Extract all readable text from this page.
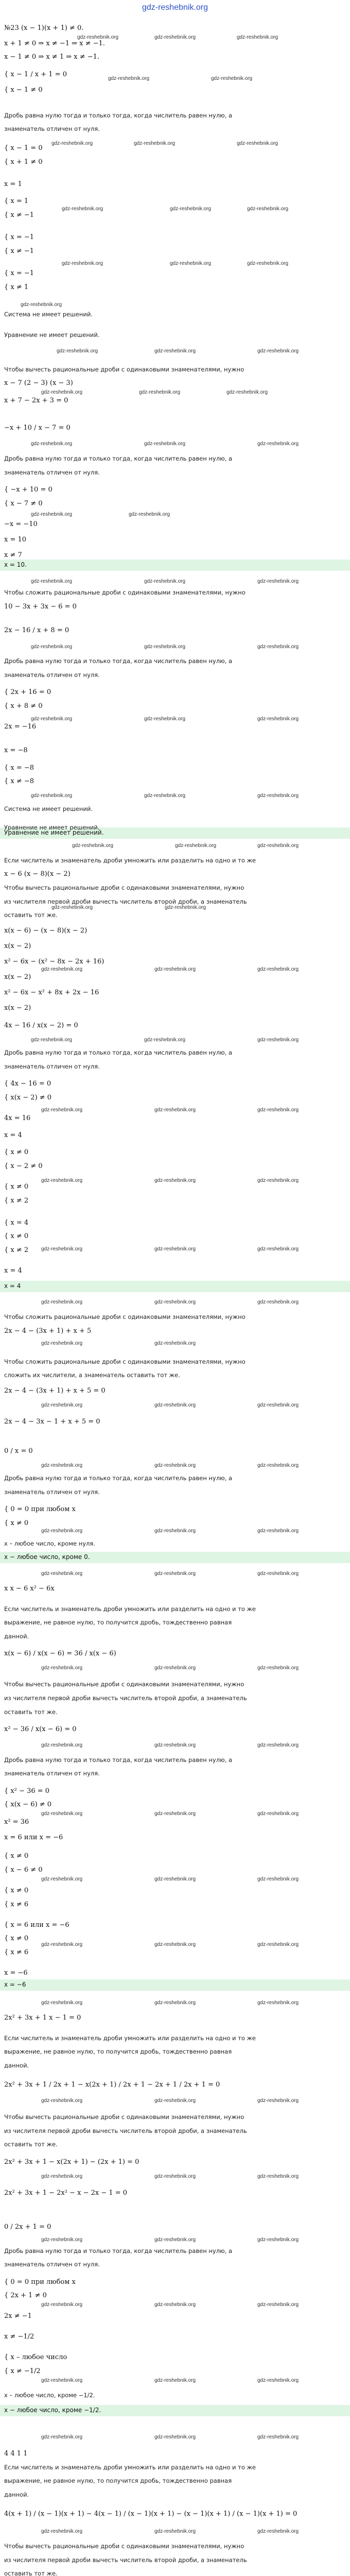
gdz-reshebnik.org
x = 10.
Уравнение не имеет решений.
x = 4
x − любое число, кроме 0.
x = −6
x − любое число, кроме −1/2.
№23 (x − 1)(x + 1) ≠ 0.
x + 1 ≠ 0 ⇒ x ≠ −1 ⇒ x ≠ −1.
x − 1 ≠ 0 ⇒ x ≠ 1 ⇒ x ≠ −1.
{ x − 1 / x + 1 = 0
{ x − 1 ≠ 0
Дробь равна нулю тогда и только тогда, когда числитель равен нулю, а
знаменатель отличен от нуля.
{ x − 1 = 0
{ x + 1 ≠ 0
x = 1
{ x = 1
{ x ≠ −1
{ x = −1
{ x ≠ −1
{ x = −1
{ x ≠ 1
Система не имеет решений.
Уравнение не имеет решений.
Чтобы вычесть рациональные дроби с одинаковыми знаменателями, нужно
x − 7 (2 − 3) (x − 3)
x + 7 − 2x + 3 = 0
−x + 10 / x − 7 = 0
Дробь равна нулю тогда и только тогда, когда числитель равен нулю, а
знаменатель отличен от нуля.
{ −x + 10 = 0
{ x − 7 ≠ 0
−x = −10
x = 10
x ≠ 7
Чтобы сложить рациональные дроби с одинаковыми знаменателями, нужно
10 − 3x + 3x − 6 = 0
2x − 16 / x + 8 = 0
Дробь равна нулю тогда и только тогда, когда числитель равен нулю, а
знаменатель отличен от нуля.
{ 2x + 16 = 0
{ x + 8 ≠ 0
2x = −16
x = −8
{ x = −8
{ x ≠ −8
Система не имеет решений.
Уравнение не имеет решений.
Если числитель и знаменатель дроби умножить или разделить на одно и то же
x − 6 (x − 8)(x − 2)
Чтобы вычесть рациональные дроби с одинаковыми знаменателями, нужно
из числителя первой дроби вычесть числитель второй дроби, а знаменатель
оставить тот же.
x(x − 6) − (x − 8)(x − 2)
x(x − 2)
x² − 6x − (x² − 8x − 2x + 16)
x(x − 2)
x² − 6x − x² + 8x + 2x − 16
x(x − 2)
4x − 16 / x(x − 2) = 0
Дробь равна нулю тогда и только тогда, когда числитель равен нулю, а
знаменатель отличен от нуля.
{ 4x − 16 = 0
{ x(x − 2) ≠ 0
4x = 16
x = 4
{ x ≠ 0
{ x − 2 ≠ 0
{ x ≠ 0
{ x ≠ 2
{ x = 4
{ x ≠ 0
{ x ≠ 2
x = 4
Чтобы сложить рациональные дроби с одинаковыми знаменателями, нужно
2x − 4 − (3x + 1) + x + 5
Чтобы сложить рациональные дроби с одинаковыми знаменателями, нужно
сложить их числители, а знаменатель оставить тот же.
2x − 4 − (3x + 1) + x + 5 = 0
2x − 4 − 3x − 1 + x + 5 = 0
0 / x = 0
Дробь равна нулю тогда и только тогда, когда числитель равен нулю, а
знаменатель отличен от нуля.
{ 0 = 0 при любом x
{ x ≠ 0
x – любое число, кроме нуля.
x x − 6 x² − 6x
Если числитель и знаменатель дроби умножить или разделить на одно и то же
выражение, не равное нулю, то получится дробь, тождественно равная
данной.
x(x − 6) / x(x − 6) = 36 / x(x − 6)
Чтобы вычесть рациональные дроби с одинаковыми знаменателями, нужно
из числителя первой дроби вычесть числитель второй дроби, а знаменатель
оставить тот же.
x² − 36 / x(x − 6) = 0
Дробь равна нулю тогда и только тогда, когда числитель равен нулю, а
знаменатель отличен от нуля.
{ x² − 36 = 0
{ x(x − 6) ≠ 0
x² = 36
x = 6 или x = −6
{ x ≠ 0
{ x − 6 ≠ 0
{ x ≠ 0
{ x ≠ 6
{ x = 6 или x = −6
{ x ≠ 0
{ x ≠ 6
x = −6
2x² + 3x + 1 x − 1 = 0
Если числитель и знаменатель дроби умножить или разделить на одно и то же
выражение, не равное нулю, то получится дробь, тождественно равная
данной.
2x² + 3x + 1 / 2x + 1 − x(2x + 1) / 2x + 1 − 2x + 1 / 2x + 1 = 0
Чтобы вычесть рациональные дроби с одинаковыми знаменателями, нужно
из числителя первой дроби вычесть числитель второй дроби, а знаменатель
оставить тот же.
2x² + 3x + 1 − x(2x + 1) − (2x + 1) = 0
2x² + 3x + 1 − 2x² − x − 2x − 1 = 0
0 / 2x + 1 = 0
Дробь равна нулю тогда и только тогда, когда числитель равен нулю, а
знаменатель отличен от нуля.
{ 0 = 0 при любом x
{ 2x + 1 ≠ 0
2x ≠ −1
x ≠ −1/2
{ x – любое число
{ x ≠ −1/2
x – любое число, кроме −1/2.
4 4 1 1
Если числитель и знаменатель дроби умножить или разделить на одно и то же
выражение, не равное нулю, то получится дробь, тождественно равная
данной.
4(x + 1) / (x − 1)(x + 1) − 4(x − 1) / (x − 1)(x + 1) − (x − 1)(x + 1) / (x − 1)(x + 1) = 0
Чтобы вычесть рациональные дроби с одинаковыми знаменателями, нужно
из числителя первой дроби вычесть числитель второй дроби, а знаменатель
оставить тот же.
gdz-reshebnik.org	gdz-reshebnik.org	gdz-reshebnik.org
gdz-reshebnik.org	gdz-reshebnik.org
gdz-reshebnik.org	gdz-reshebnik.org	gdz-reshebnik.org
gdz-reshebnik.org	gdz-reshebnik.org	gdz-reshebnik.org
gdz-reshebnik.org	gdz-reshebnik.org	gdz-reshebnik.org
gdz-reshebnik.org
gdz-reshebnik.org	gdz-reshebnik.org	gdz-reshebnik.org
gdz-reshebnik.org	gdz-reshebnik.org	gdz-reshebnik.org
gdz-reshebnik.org	gdz-reshebnik.org	gdz-reshebnik.org
gdz-reshebnik.org	gdz-reshebnik.org
gdz-reshebnik.org	gdz-reshebnik.org	gdz-reshebnik.org
gdz-reshebnik.org	gdz-reshebnik.org	gdz-reshebnik.org
gdz-reshebnik.org	gdz-reshebnik.org	gdz-reshebnik.org
gdz-reshebnik.org	gdz-reshebnik.org	gdz-reshebnik.org
gdz-reshebnik.org	gdz-reshebnik.org	gdz-reshebnik.org
gdz-reshebnik.org	gdz-reshebnik.org
gdz-reshebnik.org	gdz-reshebnik.org	gdz-reshebnik.org
gdz-reshebnik.org	gdz-reshebnik.org	gdz-reshebnik.org
gdz-reshebnik.org	gdz-reshebnik.org	gdz-reshebnik.org
gdz-reshebnik.org	gdz-reshebnik.org	gdz-reshebnik.org
gdz-reshebnik.org	gdz-reshebnik.org	gdz-reshebnik.org
gdz-reshebnik.org	gdz-reshebnik.org	gdz-reshebnik.org
gdz-reshebnik.org	gdz-reshebnik.org
gdz-reshebnik.org	gdz-reshebnik.org	gdz-reshebnik.org
gdz-reshebnik.org	gdz-reshebnik.org	gdz-reshebnik.org
gdz-reshebnik.org	gdz-reshebnik.org	gdz-reshebnik.org
gdz-reshebnik.org	gdz-reshebnik.org	gdz-reshebnik.org
gdz-reshebnik.org	gdz-reshebnik.org	gdz-reshebnik.org
gdz-reshebnik.org	gdz-reshebnik.org	gdz-reshebnik.org
gdz-reshebnik.org	gdz-reshebnik.org	gdz-reshebnik.org
gdz-reshebnik.org	gdz-reshebnik.org	gdz-reshebnik.org
gdz-reshebnik.org	gdz-reshebnik.org	gdz-reshebnik.org
gdz-reshebnik.org	gdz-reshebnik.org	gdz-reshebnik.org
gdz-reshebnik.org	gdz-reshebnik.org	gdz-reshebnik.org
gdz-reshebnik.org	gdz-reshebnik.org	gdz-reshebnik.org
gdz-reshebnik.org	gdz-reshebnik.org	gdz-reshebnik.org
gdz-reshebnik.org	gdz-reshebnik.org	gdz-reshebnik.org
gdz-reshebnik.org	gdz-reshebnik.org	gdz-reshebnik.org
gdz-reshebnik.org	gdz-reshebnik.org	gdz-reshebnik.org
gdz-reshebnik.org	gdz-reshebnik.org	gdz-reshebnik.org
